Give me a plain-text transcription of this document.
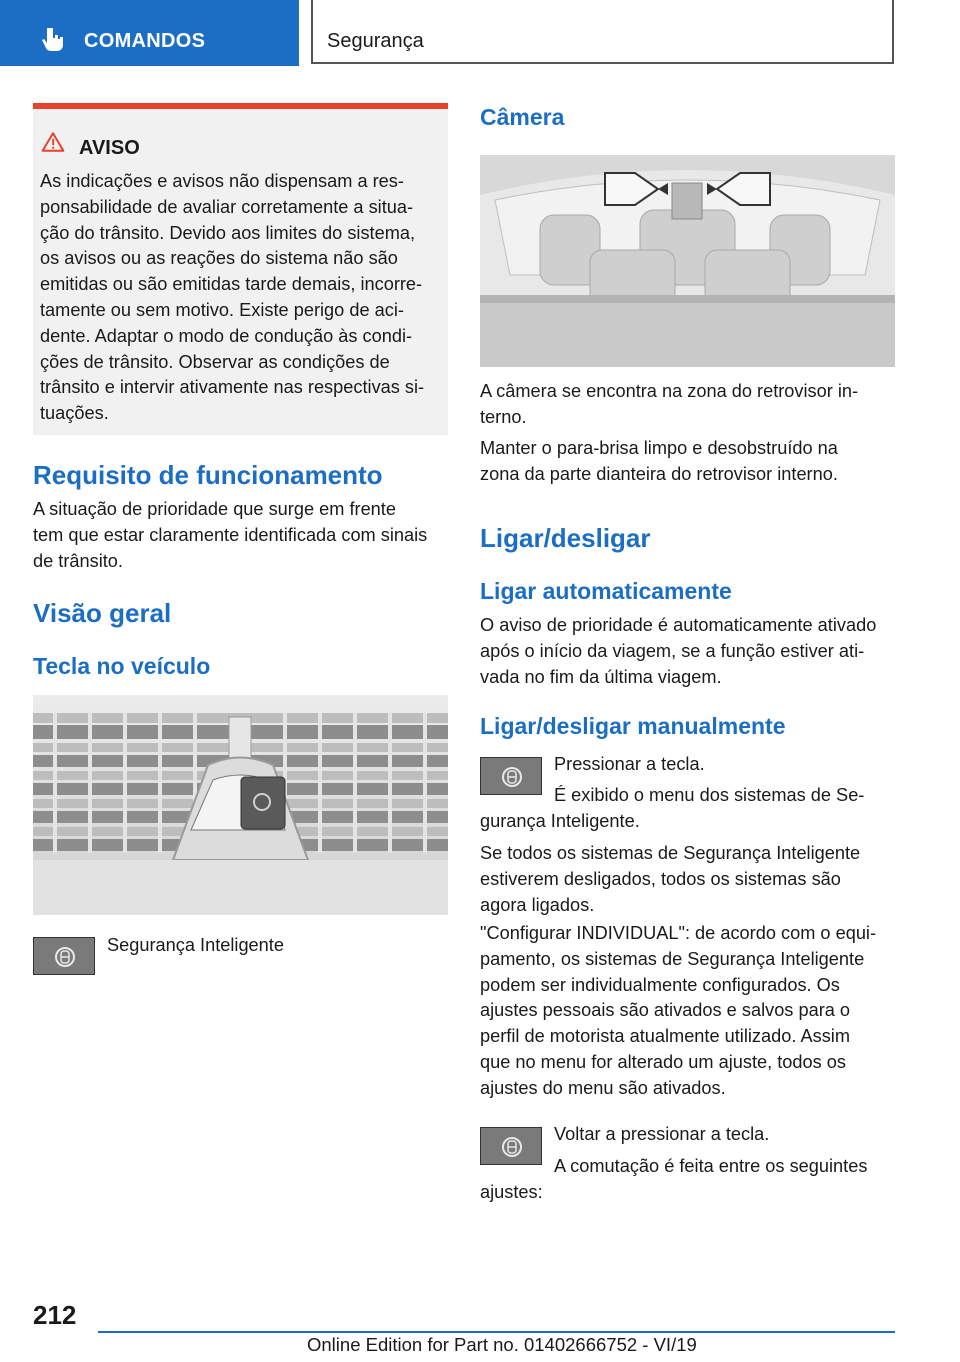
COMANDOS	Segurança
AVISO

As indicações e avisos não dispensam a res-
ponsabilidade de avaliar corretamente a situa-
ção do trânsito. Devido aos limites do sistema,
os avisos ou as reações do sistema não são
emitidas ou são emitidas tarde demais, incorre-
tamente ou sem motivo. Existe perigo de aci-
dente. Adaptar o modo de condução às condi-
ções de trânsito. Observar as condições de
trânsito e intervir ativamente nas respectivas si-
tuações.

Requisito de funcionamento

A situação de prioridade que surge em frente
tem que estar claramente identificada com sinais
de trânsito.

Visão geral
Tecla no veículo

Segurança Inteligente

Câmera

A câmera se encontra na zona do retrovisor in-
terno.

Manter o para-brisa limpo e desobstruído na
zona da parte dianteira do retrovisor interno.

Ligar/desligar
Ligar automaticamente

O aviso de prioridade é automaticamente ativado
após o início da viagem, se a função estiver ati-
vada no fim da última viagem.

Ligar/desligar manualmente

Pressionar a tecla.

É exibido o menu dos sistemas de Se-
gurança Inteligente.

Se todos os sistemas de Segurança Inteligente
estiverem desligados, todos os sistemas são
agora ligados.

"Configurar INDIVIDUAL": de acordo com o equi-
pamento, os sistemas de Segurança Inteligente
podem ser individualmente configurados. Os
ajustes pessoais são ativados e salvos para o
perfil de motorista atualmente utilizado. Assim
que no menu for alterado um ajuste, todos os
ajustes do menu são ativados.

Voltar a pressionar a tecla.

A comutação é feita entre os seguintes
ajustes:

212
Online Edition for Part no. 01402666752 - VI/19
